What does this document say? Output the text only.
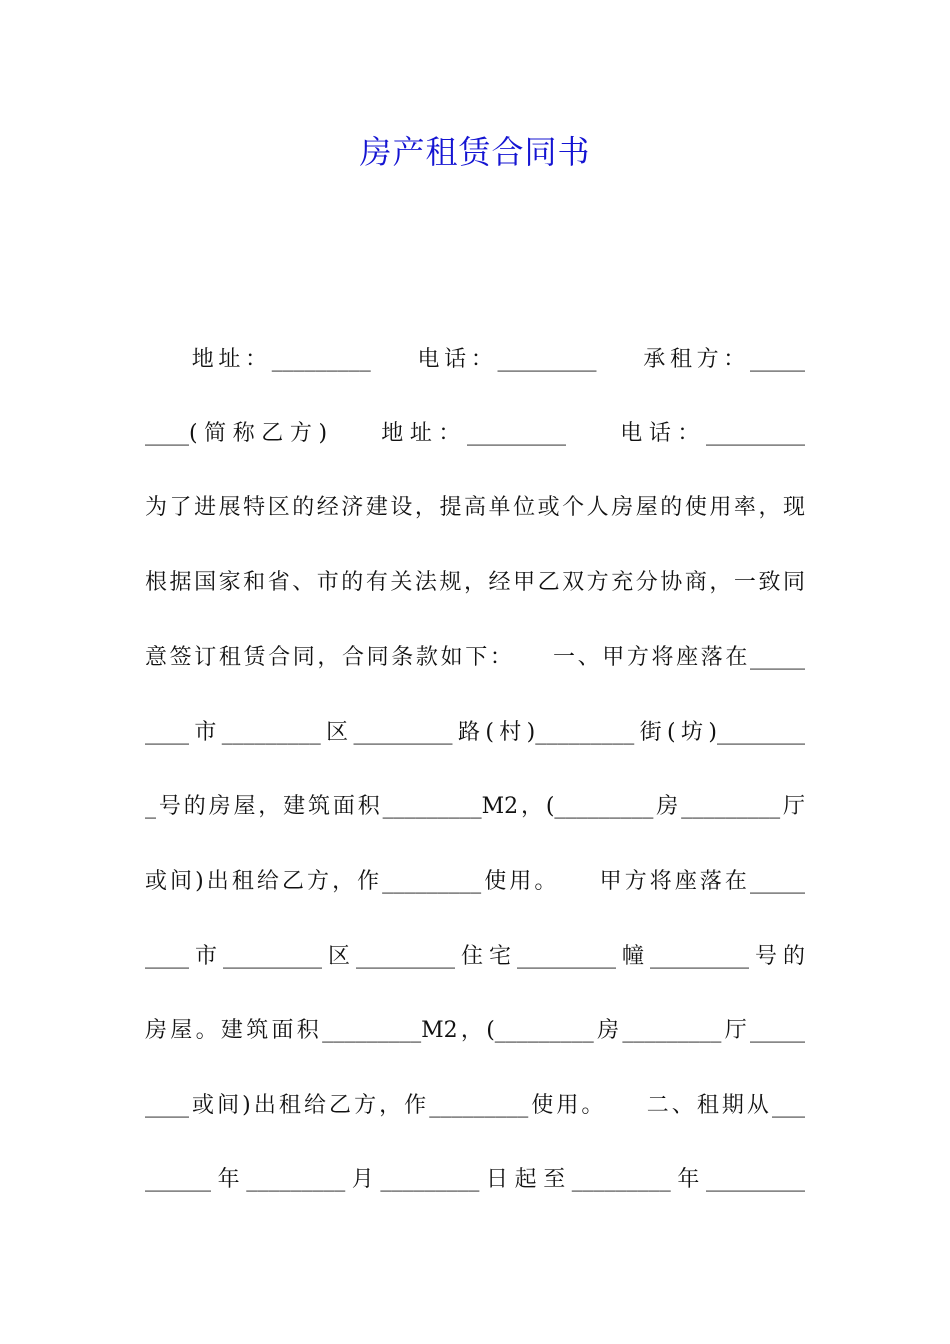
房产租赁合同书
地址：_________    电话：_________    承租方：_____
____(简称乙方)    地址：_________    电话：_________
为了进展特区的经济建设，提高单位或个人房屋的使用率，现
根据国家和省、市的有关法规，经甲乙双方充分协商，一致同
意签订租赁合同，合同条款如下：    一、甲方将座落在_____
____市_________区_________路(村)_________街(坊)________
_号的房屋，建筑面积_________M2，(_________房_________厅
或间)出租给乙方，作_________使用。    甲方将座落在_____
____市_________区_________住宅_________幢_________号的
房屋。建筑面积_________M2，(_________房_________厅_____
____或间)出租给乙方，作_________使用。    二、租期从___
______年_________月_________日起至_________年_________
